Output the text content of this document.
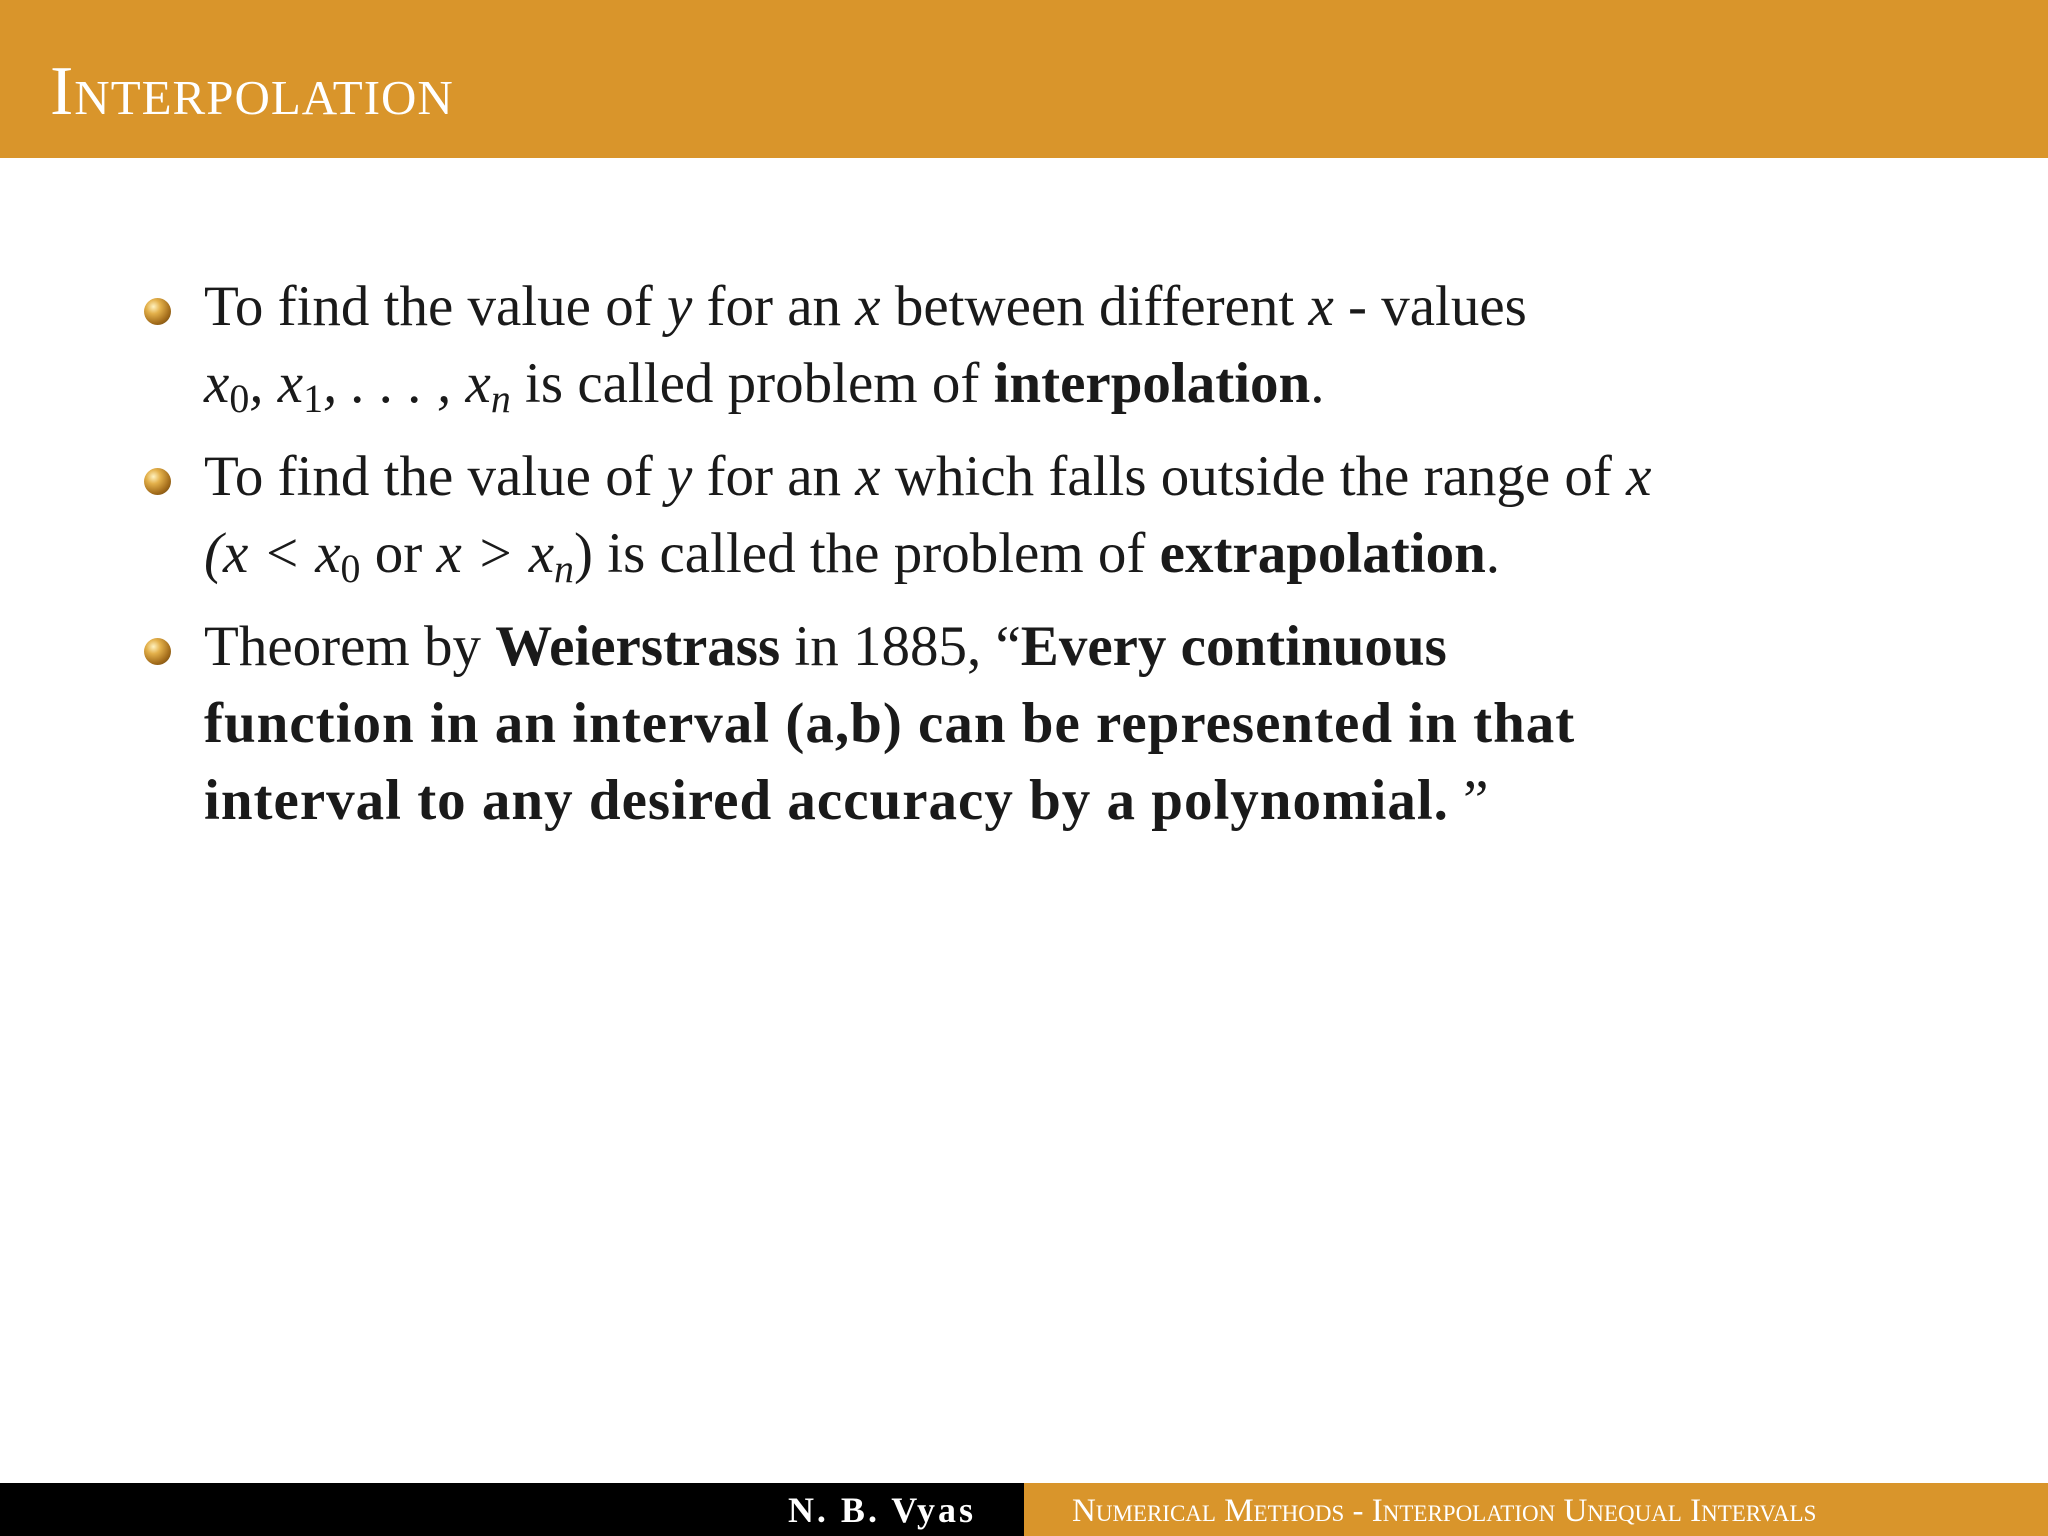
Interpolation
To find the value of y for an x between different x - values
$x_0$, $x_1$, . . . , $x_n$ is called problem of interpolation.
To find the value of y for an x which falls outside the range of x
($x < x_0$ or $x > x_n$) is called the problem of extrapolation.
Theorem by Weierstrass in 1885, “Every continuous
function in an interval (a,b) can be represented in that
interval to any desired accuracy by a polynomial. ”
N. B. Vyas	Numerical Methods - Interpolation Unequal Intervals
